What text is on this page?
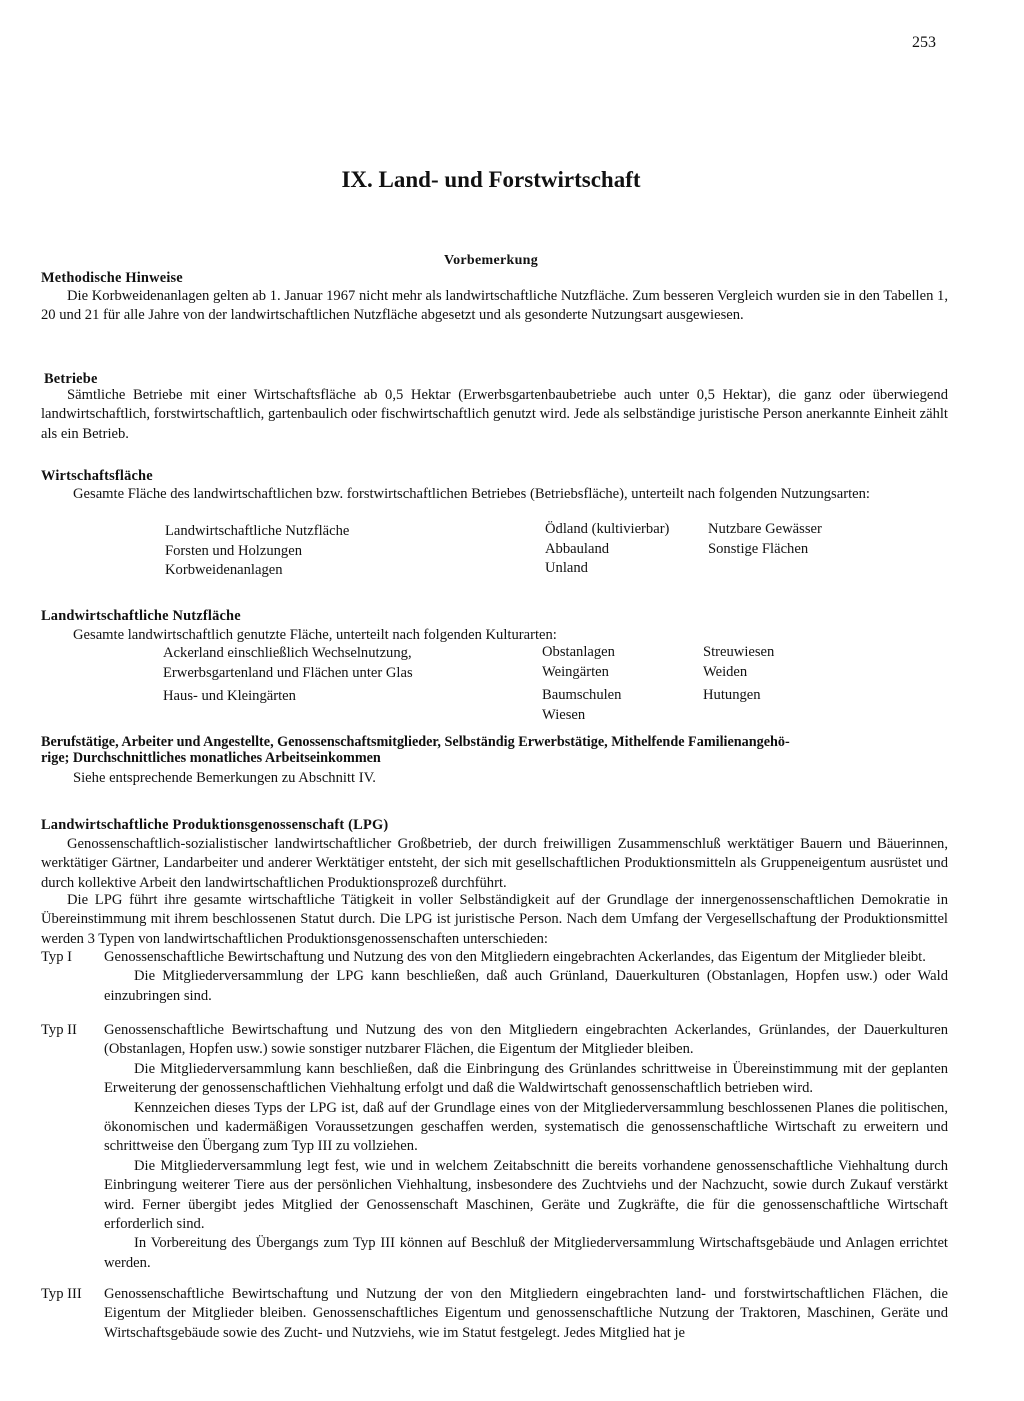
253
IX. Land- und Forstwirtschaft
Vorbemerkung
Methodische Hinweise
Die Korbweidenanlagen gelten ab 1. Januar 1967 nicht mehr als landwirtschaftliche Nutzfläche. Zum besseren Vergleich wurden sie in den Tabellen 1, 20 und 21 für alle Jahre von der landwirtschaftlichen Nutzfläche abgesetzt und als gesonderte Nutzungsart ausgewiesen.
Betriebe
Sämtliche Betriebe mit einer Wirtschaftsfläche ab 0,5 Hektar (Erwerbsgartenbaubetriebe auch unter 0,5 Hektar), die ganz oder überwiegend landwirtschaftlich, forstwirtschaftlich, gartenbaulich oder fischwirtschaftlich genutzt wird. Jede als selbständige juristische Person anerkannte Einheit zählt als ein Betrieb.
Wirtschaftsfläche
Gesamte Fläche des landwirtschaftlichen bzw. forstwirtschaftlichen Betriebes (Betriebsfläche), unterteilt nach folgenden Nutzungsarten:
Landwirtschaftliche Nutzfläche
Forsten und Holzungen
Korbweidenanlagen
Ödland (kultivierbar)
Abbauland
Unland
Nutzbare Gewässer
Sonstige Flächen
Landwirtschaftliche Nutzfläche
Gesamte landwirtschaftlich genutzte Fläche, unterteilt nach folgenden Kulturarten:
Ackerland einschließlich Wechselnutzung,
Erwerbsgartenland und Flächen unter Glas
Haus- und Kleingärten
Obstanlagen
Weingärten
Baumschulen
Wiesen
Streuwiesen
Weiden
Hutungen
Berufstätige, Arbeiter und Angestellte, Genossenschaftsmitglieder, Selbständig Erwerbstätige, Mithelfende Familienangehö-
rige; Durchschnittliches monatliches Arbeitseinkommen
Siehe entsprechende Bemerkungen zu Abschnitt IV.
Landwirtschaftliche Produktionsgenossenschaft (LPG)
Genossenschaftlich-sozialistischer landwirtschaftlicher Großbetrieb, der durch freiwilligen Zusammenschluß werktätiger Bauern und Bäuerinnen, werktätiger Gärtner, Landarbeiter und anderer Werktätiger entsteht, der sich mit gesellschaftlichen Produktionsmitteln als Gruppeneigentum ausrüstet und durch kollektive Arbeit den landwirtschaftlichen Produktionsprozeß durchführt.
Die LPG führt ihre gesamte wirtschaftliche Tätigkeit in voller Selbständigkeit auf der Grundlage der innergenossenschaftlichen Demokratie in Übereinstimmung mit ihrem beschlossenen Statut durch. Die LPG ist juristische Person. Nach dem Umfang der Vergesellschaftung der Produktionsmittel werden 3 Typen von landwirtschaftlichen Produktionsgenossenschaften unterschieden:
Typ I Genossenschaftliche Bewirtschaftung und Nutzung des von den Mitgliedern eingebrachten Ackerlandes, das Eigentum der Mitglieder bleibt.

Die Mitgliederversammlung der LPG kann beschließen, daß auch Grünland, Dauerkulturen (Obstanlagen, Hopfen usw.) oder Wald einzubringen sind.

Typ II Genossenschaftliche Bewirtschaftung und Nutzung des von den Mitgliedern eingebrachten Ackerlandes, Grünlandes, der Dauerkulturen (Obstanlagen, Hopfen usw.) sowie sonstiger nutzbarer Flächen, die Eigentum der Mitglieder bleiben.

Die Mitgliederversammlung kann beschließen, daß die Einbringung des Grünlandes schrittweise in Übereinstimmung mit der geplanten Erweiterung der genossenschaftlichen Viehhaltung erfolgt und daß die Waldwirtschaft genossenschaftlich betrieben wird.

Kennzeichen dieses Typs der LPG ist, daß auf der Grundlage eines von der Mitgliederversammlung beschlossenen Planes die politischen, ökonomischen und kadermäßigen Voraussetzungen geschaffen werden, systematisch die genossenschaftliche Wirtschaft zu erweitern und schrittweise den Übergang zum Typ III zu vollziehen.

Die Mitgliederversammlung legt fest, wie und in welchem Zeitabschnitt die bereits vorhandene genossenschaftliche Viehhaltung durch Einbringung weiterer Tiere aus der persönlichen Viehhaltung, insbesondere des Zuchtviehs und der Nachzucht, sowie durch Zukauf verstärkt wird. Ferner übergibt jedes Mitglied der Genossenschaft Maschinen, Geräte und Zugkräfte, die für die genossenschaftliche Wirtschaft erforderlich sind.

In Vorbereitung des Übergangs zum Typ III können auf Beschluß der Mitgliederversammlung Wirtschaftsgebäude und Anlagen errichtet werden.

Typ III Genossenschaftliche Bewirtschaftung und Nutzung der von den Mitgliedern eingebrachten land- und forstwirtschaftlichen Flächen, die Eigentum der Mitglieder bleiben. Genossenschaftliches Eigentum und genossenschaftliche Nutzung der Traktoren, Maschinen, Geräte und Wirtschaftsgebäude sowie des Zucht- und Nutzviehs, wie im Statut festgelegt. Jedes Mitglied hat je
